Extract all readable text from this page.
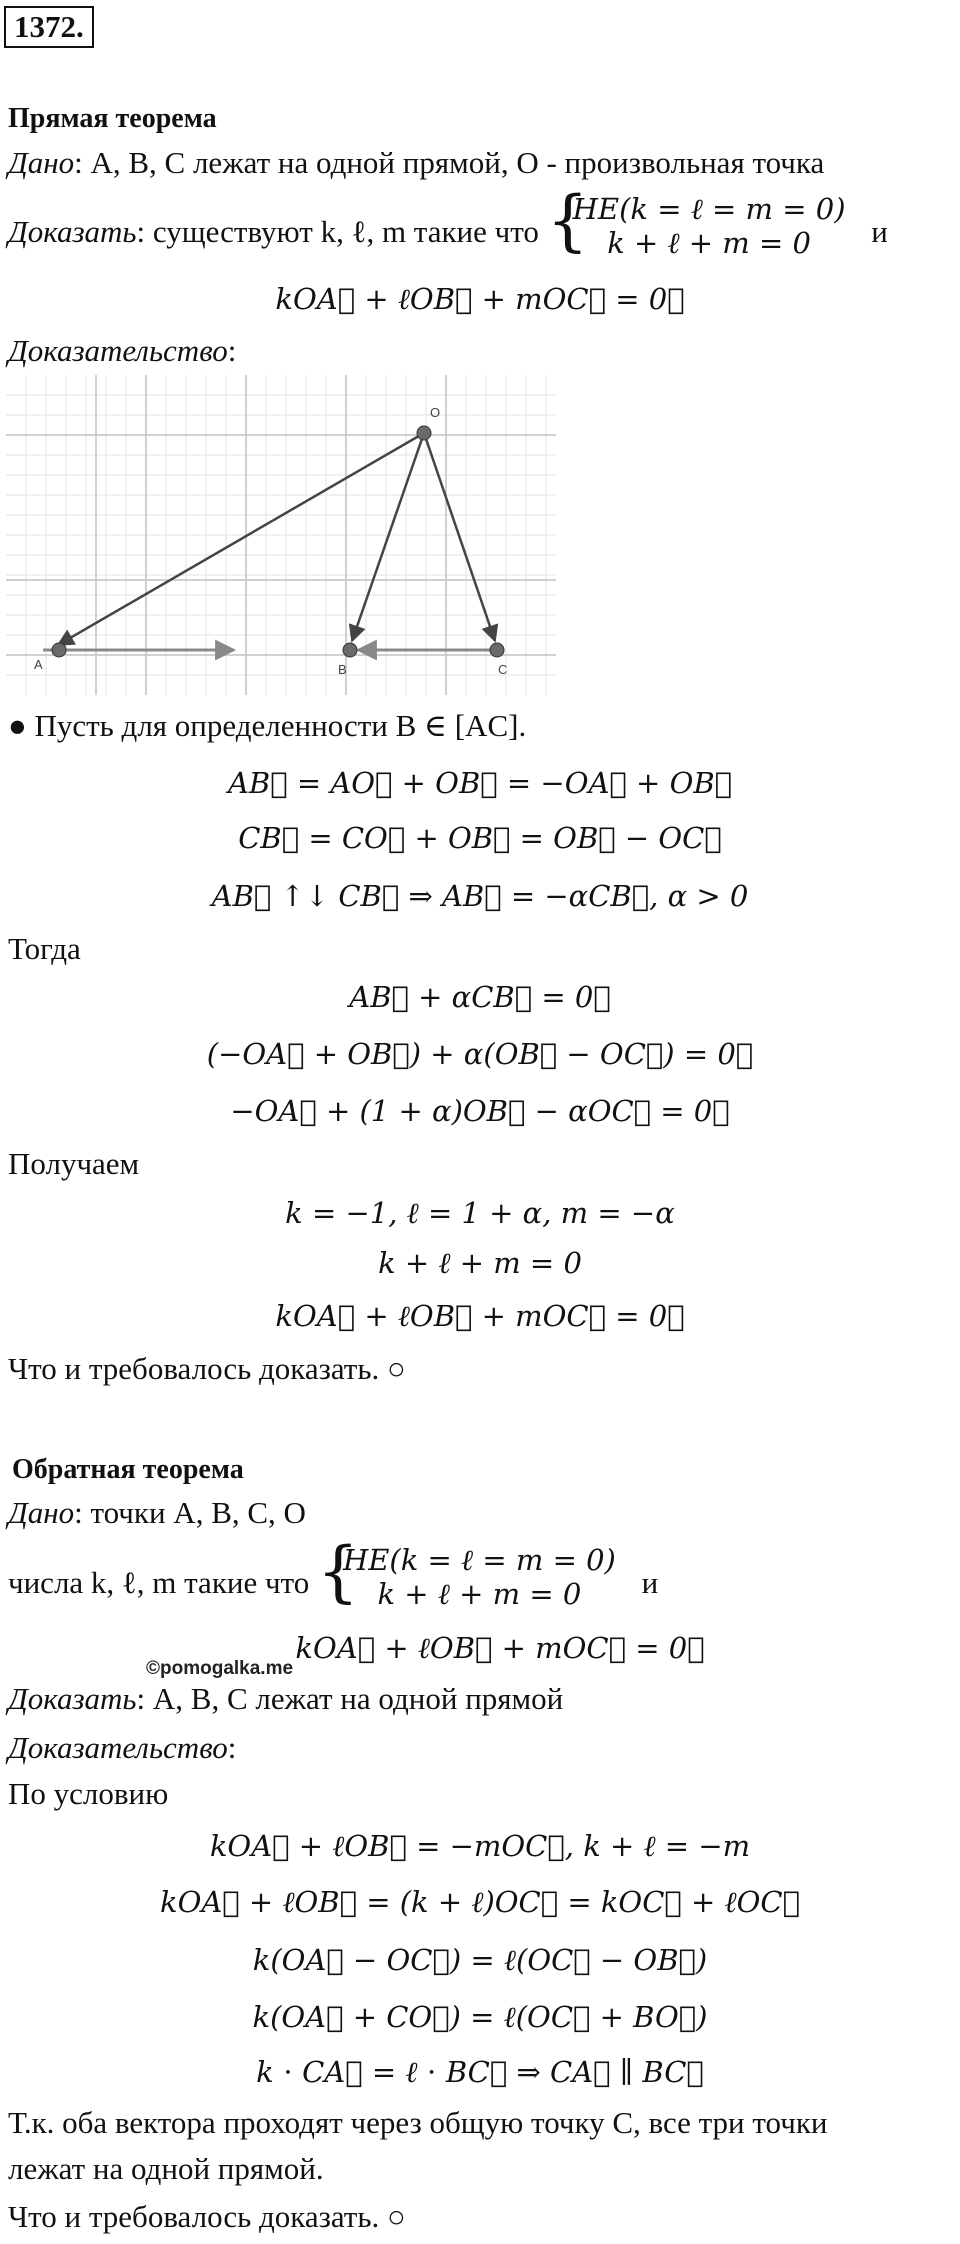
1372.
Прямая теорема
Дано: A, B, C лежат на одной прямой, O - произвольная точка
Доказать: существуют k, ℓ, m такие что {
НЕ(k = ℓ = m = 0)
k + ℓ + m = 0 и
kOA⃗ + ℓOB⃗ + mOC⃗ = 0⃗
Доказательство:
O
A	B	C
● Пусть для определенности B ∈ [AC].
AB⃗ = AO⃗ + OB⃗ = −OA⃗ + OB⃗
CB⃗ = CO⃗ + OB⃗ = OB⃗ − OC⃗
AB⃗ ↑↓ CB⃗ ⇒ AB⃗ = −αCB⃗, α > 0
Тогда
AB⃗ + αCB⃗ = 0⃗
(−OA⃗ + OB⃗) + α(OB⃗ − OC⃗) = 0⃗
−OA⃗ + (1 + α)OB⃗ − αOC⃗ = 0⃗
Получаем
k = −1, ℓ = 1 + α, m = −α
k + ℓ + m = 0
kOA⃗ + ℓOB⃗ + mOC⃗ = 0⃗
Что и требовалось доказать. ○
Обратная теорема
Дано: точки A, B, C, O
числа k, ℓ, m такие что {
НЕ(k = ℓ = m = 0)
k + ℓ + m = 0 и
kOA⃗ + ℓOB⃗ + mOC⃗ = 0⃗
©pomogalka.me
Доказать: A, B, C лежат на одной прямой
Доказательство:
По условию
kOA⃗ + ℓOB⃗ = −mOC⃗, k + ℓ = −m
kOA⃗ + ℓOB⃗ = (k + ℓ)OC⃗ = kOC⃗ + ℓOC⃗
k(OA⃗ − OC⃗) = ℓ(OC⃗ − OB⃗)
k(OA⃗ + CO⃗) = ℓ(OC⃗ + BO⃗)
k ⋅ CA⃗ = ℓ ⋅ BC⃗ ⇒ CA⃗ ∥ BC⃗
Т.к. оба вектора проходят через общую точку C, все три точки
лежат на одной прямой.
Что и требовалось доказать. ○
